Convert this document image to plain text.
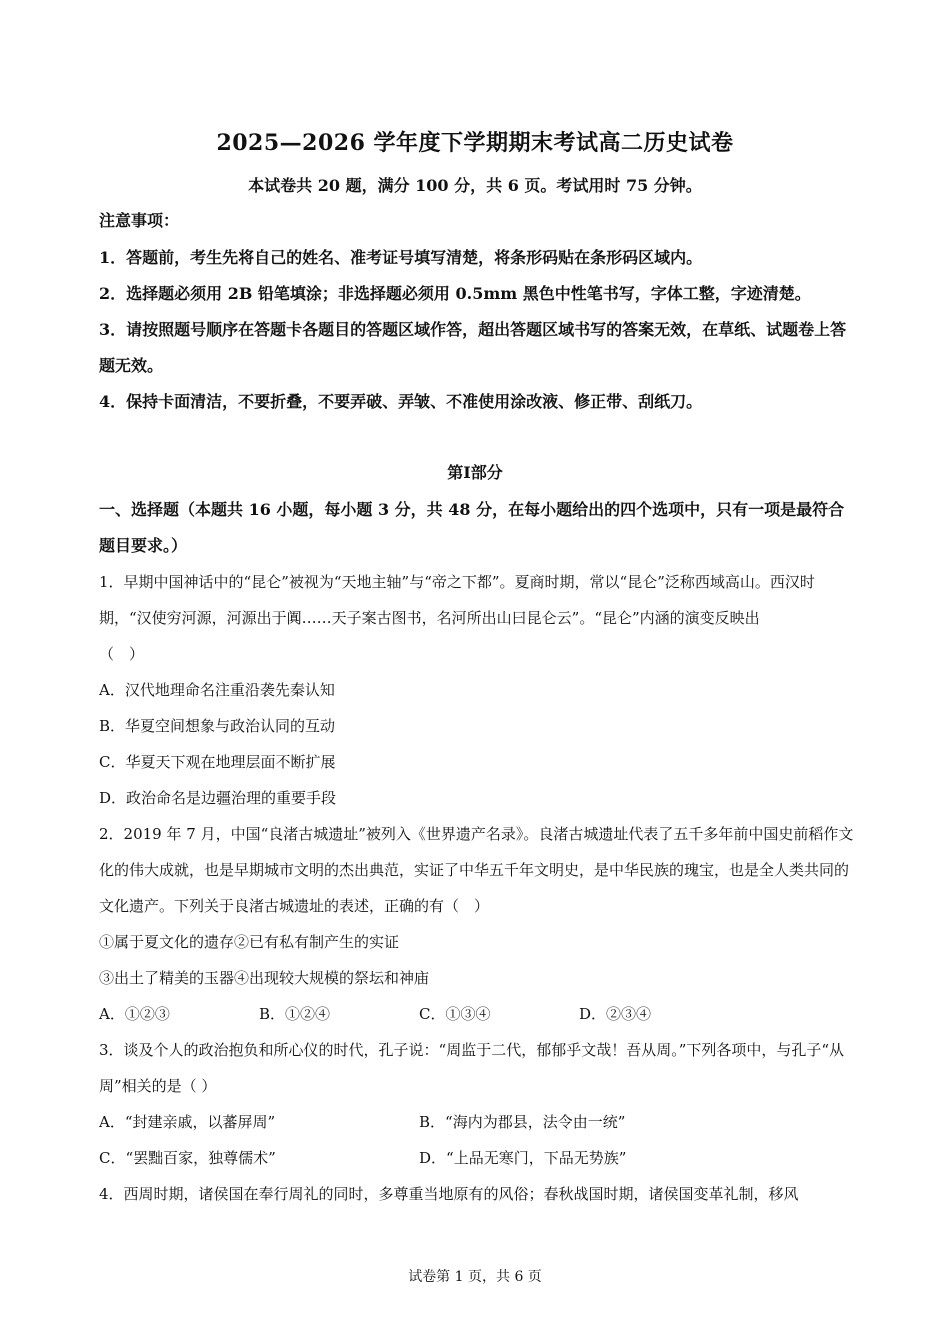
2025—2026 学年度下学期期末考试高二历史试卷
本试卷共 20 题，满分 100 分，共 6 页。考试用时 75 分钟。
注意事项：

1．答题前，考生先将自己的姓名、准考证号填写清楚，将条形码贴在条形码区域内。

2．选择题必须用 2B 铅笔填涂；非选择题必须用 0.5mm 黑色中性笔书写，字体工整，字迹清楚。

3．请按照题号顺序在答题卡各题目的答题区域作答，超出答题区域书写的答案无效，在草纸、试题卷上答题无效。

4．保持卡面清洁，不要折叠，不要弄破、弄皱、不准使用涂改液、修正带、刮纸刀。

第Ⅰ部分
一、选择题（本题共 16 小题，每小题 3 分，共 48 分，在每小题给出的四个选项中，只有一项是最符合题目要求。）

1．早期中国神话中的“昆仑”被视为“天地主轴”与“帝之下都”。夏商时期，常以“昆仑”泛称西域高山。西汉时期，“汉使穷河源，河源出于阗……天子案古图书，名河所出山曰昆仑云”。“昆仑”内涵的演变反映出

（　）

A．汉代地理命名注重沿袭先秦认知

B．华夏空间想象与政治认同的互动

C．华夏天下观在地理层面不断扩展

D．政治命名是边疆治理的重要手段

2．2019 年 7 月，中国“良渚古城遗址”被列入《世界遗产名录》。良渚古城遗址代表了五千多年前中国史前稻作文化的伟大成就，也是早期城市文明的杰出典范，实证了中华五千年文明史，是中华民族的瑰宝，也是全人类共同的文化遗产。下列关于良渚古城遗址的表述，正确的有（　）

①属于夏文化的遗存②已有私有制产生的实证

③出土了精美的玉器④出现较大规模的祭坛和神庙

A．①②③	B．①②④	C．①③④	D．②③④

3．谈及个人的政治抱负和所心仪的时代，孔子说：“周监于二代，郁郁乎文哉！吾从周。”下列各项中，与孔子“从周”相关的是（ ）

A．“封建亲戚，以蕃屏周”	B．“海内为郡县，法令由一统”
C．“罢黜百家，独尊儒术”	D．“上品无寒门，下品无势族”

4．西周时期，诸侯国在奉行周礼的同时，多尊重当地原有的风俗；春秋战国时期，诸侯国变革礼制，移风

试卷第 1 页，共 6 页
